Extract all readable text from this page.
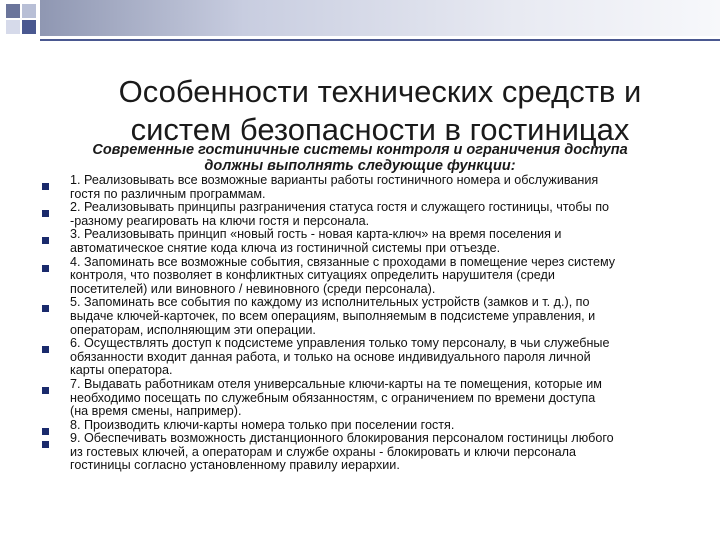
Особенности технических средств и
систем безопасности в гостиницах
Современные гостиничные системы контроля и ограничения доступа
должны выполнять следующие функции:
1. Реализовывать все возможные варианты работы гостиничного номера и обслуживания
гостя по различным программам.
2. Реализовывать принципы разграничения статуса гостя и служащего гостиницы, чтобы по
-разному реагировать на ключи гостя и персонала.
3. Реализовывать принцип «новый гость - новая карта-ключ» на время поселения и
автоматическое снятие кода ключа из гостиничной системы при отъезде.
4. Запоминать все возможные события, связанные с проходами в помещение через систему
контроля, что позволяет в конфликтных ситуациях определить нарушителя (среди
посетителей) или виновного / невиновного (среди персонала).
5. Запоминать все события по каждому из исполнительных устройств (замков и т. д.), по
выдаче ключей-карточек, по всем операциям, выполняемым в подсистеме управления, и
операторам, исполняющим эти операции.
6. Осуществлять доступ к подсистеме управления только тому персоналу, в чьи служебные
обязанности входит данная работа, и только на основе индивидуального пароля личной
карты оператора.
7. Выдавать работникам отеля универсальные ключи-карты на те помещения, которые им
необходимо посещать по служебным обязанностям, с ограничением по времени доступа
(на время смены, например).
8. Производить ключи-карты номера только при поселении гостя.
9. Обеспечивать возможность дистанционного блокирования персоналом гостиницы любого
из гостевых ключей, а операторам и службе охраны - блокировать и ключи персонала
гостиницы согласно установленному правилу иерархии.
